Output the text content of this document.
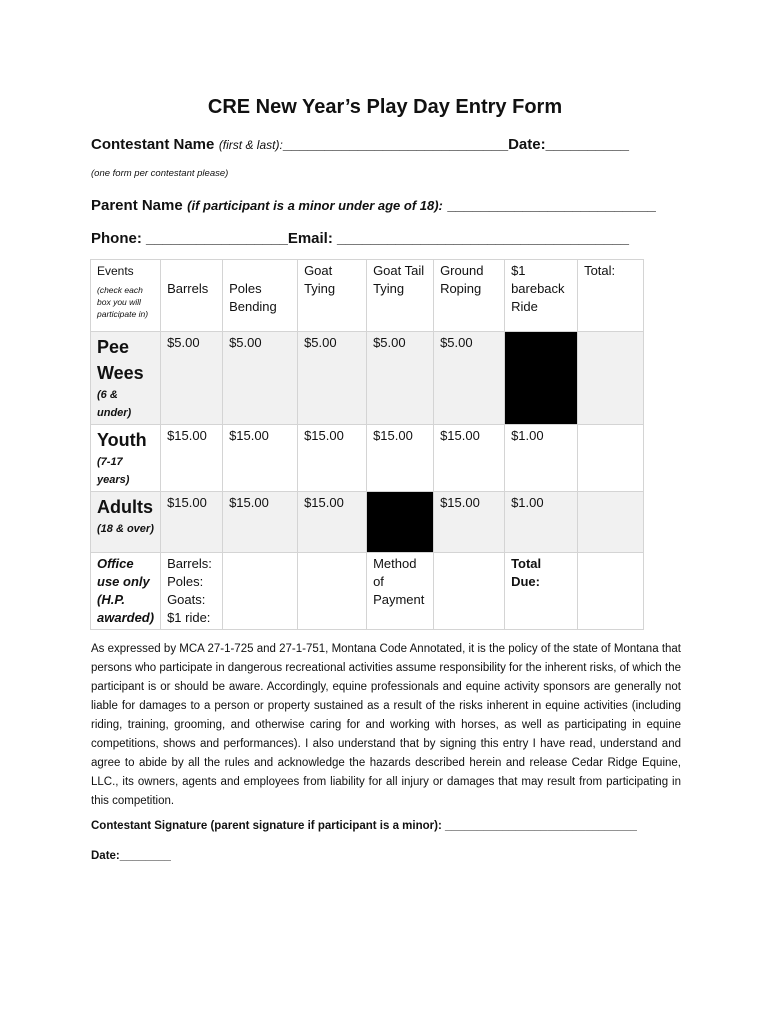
CRE New Year’s Play Day Entry Form
Contestant Name (first & last):___________________________Date:__________
(one form per contestant please)
Parent Name (if participant is a minor under age of 18): _________________________
Phone: _________________Email: ___________________________________
Events
(check each box you will participate in)	Barrels	Poles Bending	Goat Tying	Goat Tail Tying	Ground Roping	$1 bareback Ride	Total:

Pee Wees
(6 & under)	$5.00	$5.00	$5.00	$5.00	$5.00		

Youth
(7-17 years)	$15.00	$15.00	$15.00	$15.00	$15.00	$1.00	

Adults
(18 & over)	$15.00	$15.00	$15.00		$15.00	$1.00	
Office use only (H.P. awarded)	Barrels:
Poles:
Goats:
$1 ride:			Method of Payment		Total Due:	
As expressed by MCA 27-1-725 and 27-1-751, Montana Code Annotated, it is the policy of the state of Montana that persons who participate in dangerous recreational activities assume responsibility for the inherent risks, of which the participant is or should be aware. Accordingly, equine professionals and equine activity sponsors are generally not liable for damages to a person or property sustained as a result of the risks inherent in equine activities (including riding, training, grooming, and otherwise caring for and working with horses, as well as participating in equine competitions, shows and performances). I also understand that by signing this entry I have read, understand and agree to abide by all the rules and acknowledge the hazards described herein and release Cedar Ridge Equine, LLC., its owners, agents and employees from liability for all injury or damages that may result from participating in this competition.
Contestant Signature (parent signature if participant is a minor): ______________________________
Date:________
